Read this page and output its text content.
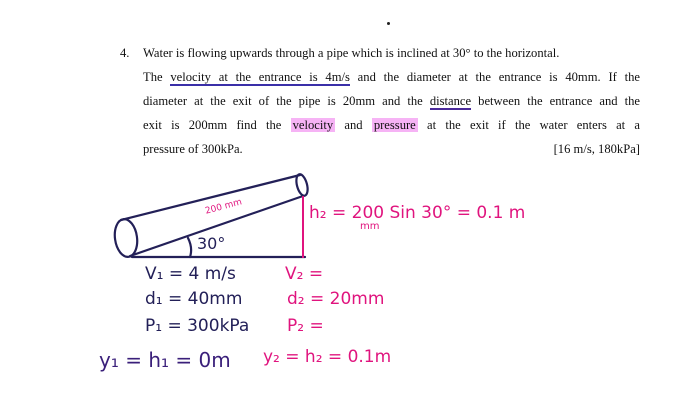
4. Water is flowing upwards through a pipe which is inclined at 30° to the horizontal.
The velocity at the entrance is 4m/s and the diameter at the entrance is 40mm. If the
diameter at the exit of the pipe is 20mm and the distance between the entrance and the
exit is 200mm find the velocity and pressure at the exit if the water enters at a
pressure of 300kPa.	[16 m/s, 180kPa]
200 mm
30°
h₂ = 200 Sin 30° = 0.1 m
mm
V₁ = 4 m/s
d₁ = 40mm
P₁ = 300kPa
y₁ = h₁ = 0m
V₂ =
d₂ = 20mm
P₂ =
y₂ = h₂ = 0.1m
